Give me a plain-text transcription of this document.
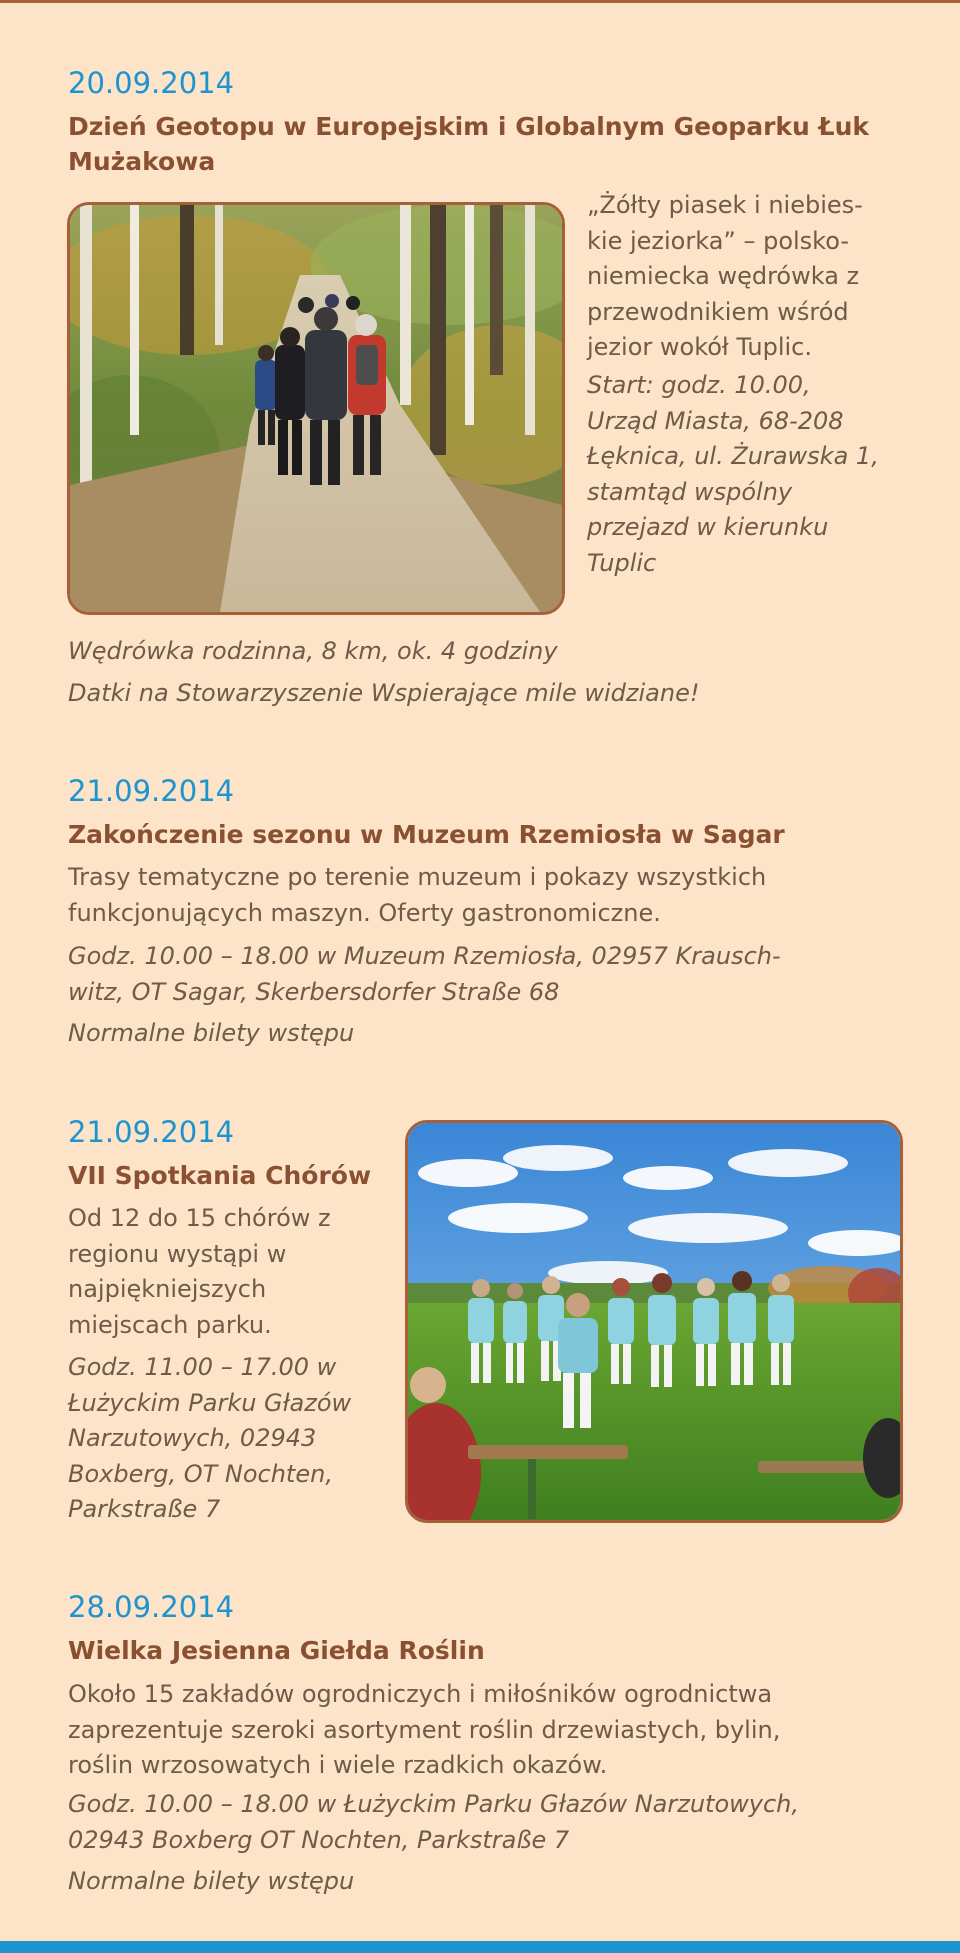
20.09.2014
Dzień Geotopu w Europejskim i Globalnym Geoparku Łuk
Mużakowa
„Żółty piasek i niebies-
kie jeziorka” – polsko-
niemiecka wędrówka z
przewodnikiem wśród
jezior wokół Tuplic.
Start: godz. 10.00,
Urząd Miasta, 68-208
Łęknica, ul. Żurawska 1,
stamtąd wspólny
przejazd w kierunku
Tuplic
Wędrówka rodzinna, 8 km, ok. 4 godziny
Datki na Stowarzyszenie Wspierające mile widziane!
21.09.2014
Zakończenie sezonu w Muzeum Rzemiosła w Sagar
Trasy tematyczne po terenie muzeum i pokazy wszystkich
funkcjonujących maszyn. Oferty gastronomiczne.
Godz. 10.00 – 18.00 w Muzeum Rzemiosła, 02957 Krausch-
witz, OT Sagar, Skerbersdorfer Straße 68
Normalne bilety wstępu
21.09.2014
VII Spotkania Chórów
Od 12 do 15 chórów z
regionu wystąpi w
najpiękniejszych
miejscach parku.
Godz. 11.00 – 17.00 w
Łużyckim Parku Głazów
Narzutowych, 02943
Boxberg, OT Nochten,
Parkstraße 7
28.09.2014
Wielka Jesienna Giełda Roślin
Około 15 zakładów ogrodniczych i miłośników ogrodnictwa
zaprezentuje szeroki asortyment roślin drzewiastych, bylin,
roślin wrzosowatych i wiele rzadkich okazów.
Godz. 10.00 – 18.00 w Łużyckim Parku Głazów Narzutowych,
02943 Boxberg OT Nochten, Parkstraße 7
Normalne bilety wstępu
